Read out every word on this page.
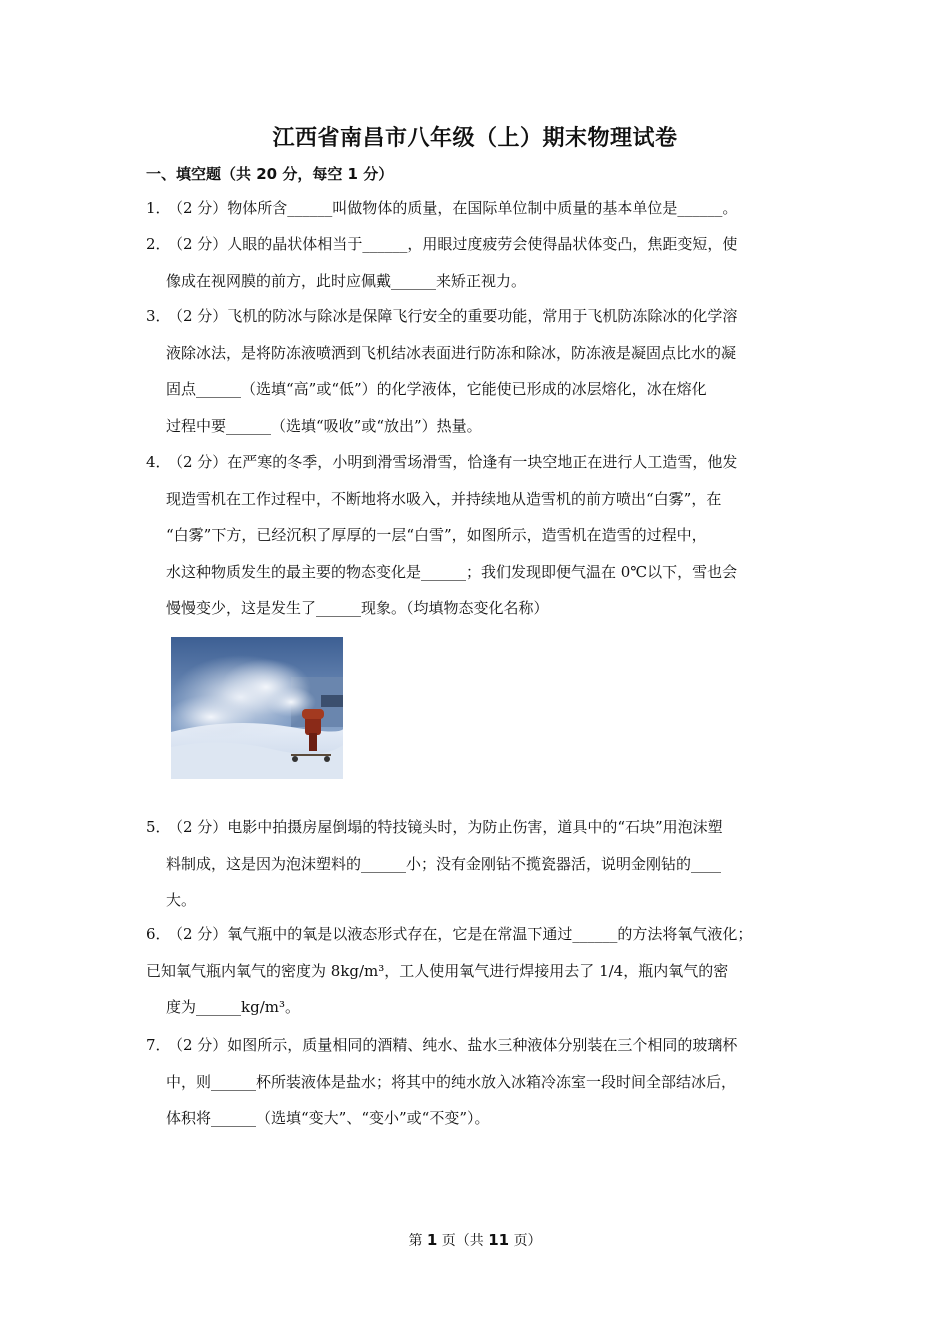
江西省南昌市八年级（上）期末物理试卷
一、填空题（共 20 分，每空 1 分）
1．（2 分）物体所含______叫做物体的质量，在国际单位制中质量的基本单位是______。
2．（2 分）人眼的晶状体相当于______，用眼过度疲劳会使得晶状体变凸，焦距变短，使
像成在视网膜的前方，此时应佩戴______来矫正视力。
3．（2 分）飞机的防冰与除冰是保障飞行安全的重要功能，常用于飞机防冻除冰的化学溶
液除冰法，是将防冻液喷洒到飞机结冰表面进行防冻和除冰，防冻液是凝固点比水的凝
固点______（选填“高”或“低”）的化学液体，它能使已形成的冰层熔化，冰在熔化
过程中要______（选填“吸收”或“放出”）热量。
4．（2 分）在严寒的冬季，小明到滑雪场滑雪，恰逢有一块空地正在进行人工造雪，他发
现造雪机在工作过程中，不断地将水吸入，并持续地从造雪机的前方喷出“白雾”，在
“白雾”下方，已经沉积了厚厚的一层“白雪”，如图所示，造雪机在造雪的过程中，
水这种物质发生的最主要的物态变化是______；我们发现即便气温在 0℃以下，雪也会
慢慢变少，这是发生了______现象。（均填物态变化名称）
5．（2 分）电影中拍摄房屋倒塌的特技镜头时，为防止伤害，道具中的“石块”用泡沫塑
料制成，这是因为泡沫塑料的______小；没有金刚钻不揽瓷器活，说明金刚钻的____
大。
6．（2 分）氧气瓶中的氧是以液态形式存在，它是在常温下通过______的方法将氧气液化；
已知氧气瓶内氧气的密度为 8kg/m³，工人使用氧气进行焊接用去了 1/4，瓶内氧气的密
度为______kg/m³。
7．（2 分）如图所示，质量相同的酒精、纯水、盐水三种液体分别装在三个相同的玻璃杯
中，则______杯所装液体是盐水；将其中的纯水放入冰箱冷冻室一段时间全部结冰后，
体积将______（选填“变大”、“变小”或“不变”）。
第 1 页（共 11 页）
